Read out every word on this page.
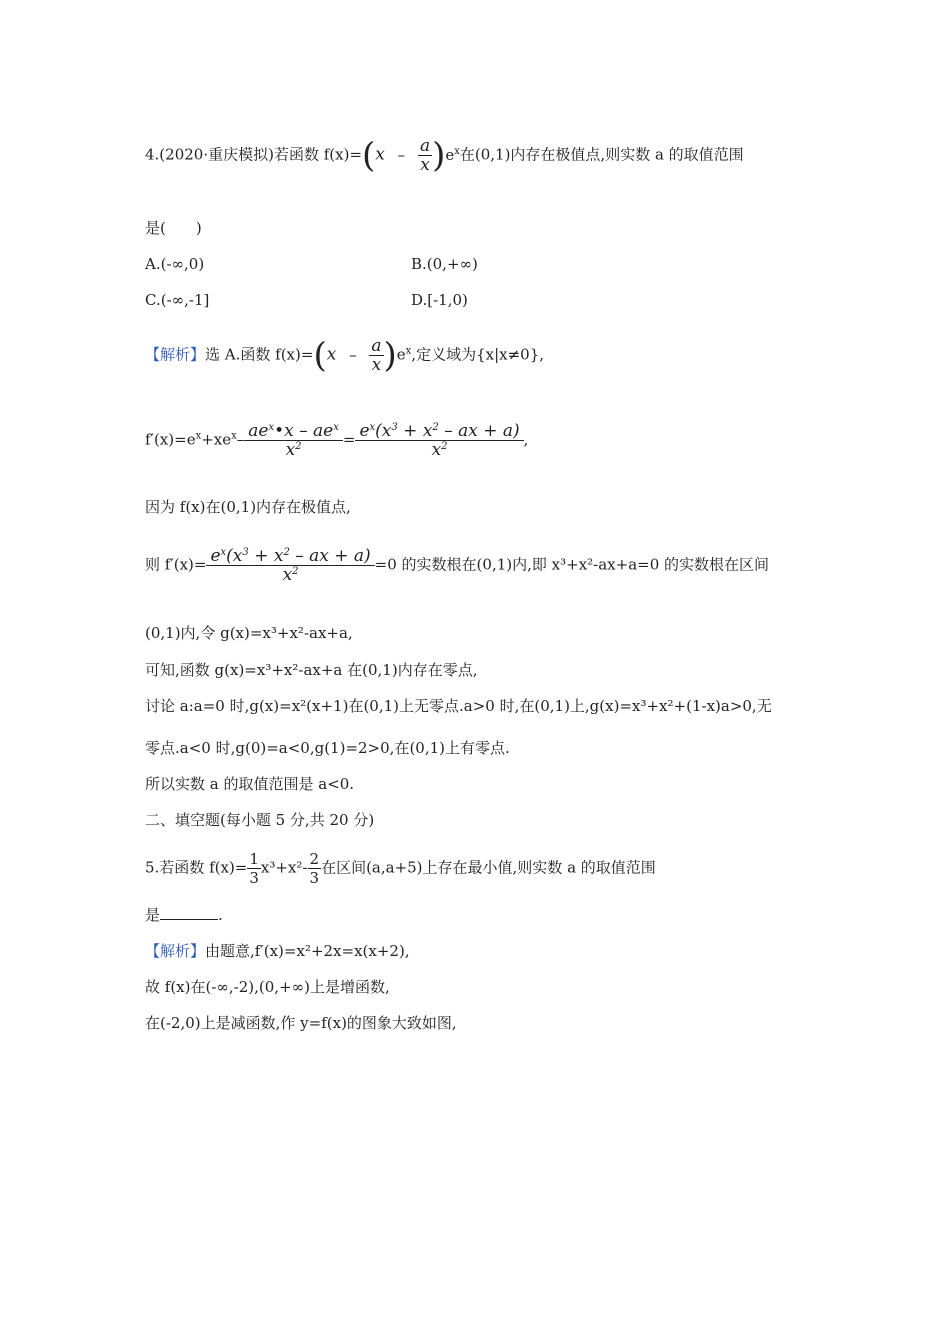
4.(2020·重庆模拟)若函数 $f(x)=(x - \frac{a}{x} )e^x$在(0,1)内存在极值点,则实数 a 的取值范围
是(　　)
A.(-∞,0)	B.(0,+∞)
C.(-∞,-1]	D.[-1,0)
【解析】选 A.函数 $f(x)=(x - \frac{a}{x} )e^x$,定义域为{x|x≠0},
$f'(x)=e^x+xe^x- \frac{ae^x•x - ae^x}{x^2} = \frac{e^x(x^3 + x^2 - ax + a)}{x^2}$ ,
因为 f(x)在(0,1)内存在极值点,
则 $f'(x)= \frac{e^x(x^3 + x^2 - ax + a)}{x^2} =0$ 的实数根在(0,1)内,即 x³+x²-ax+a=0 的实数根在区间
(0,1)内,令 g(x)=x³+x²-ax+a,
可知,函数 g(x)=x³+x²-ax+a 在(0,1)内存在零点,
讨论 a:a=0 时,g(x)=x²(x+1)在(0,1)上无零点.a>0 时,在(0,1)上,g(x)=x³+x²+(1-x)a>0,无
零点.a<0 时,g(0)=a<0,g(1)=2>0,在(0,1)上有零点.
所以实数 a 的取值范围是 a<0.
二、填空题(每小题 5 分,共 20 分)
5.若函数 $f(x)= \frac{1}{3} x^3+x^2- \frac{2}{3}$ 在区间(a,a+5)上存在最小值,则实数 a 的取值范围
是	.
【解析】由题意,f′(x)=x²+2x=x(x+2),
故 f(x)在(-∞,-2),(0,+∞)上是增函数,
在(-2,0)上是减函数,作 y=f(x)的图象大致如图,
